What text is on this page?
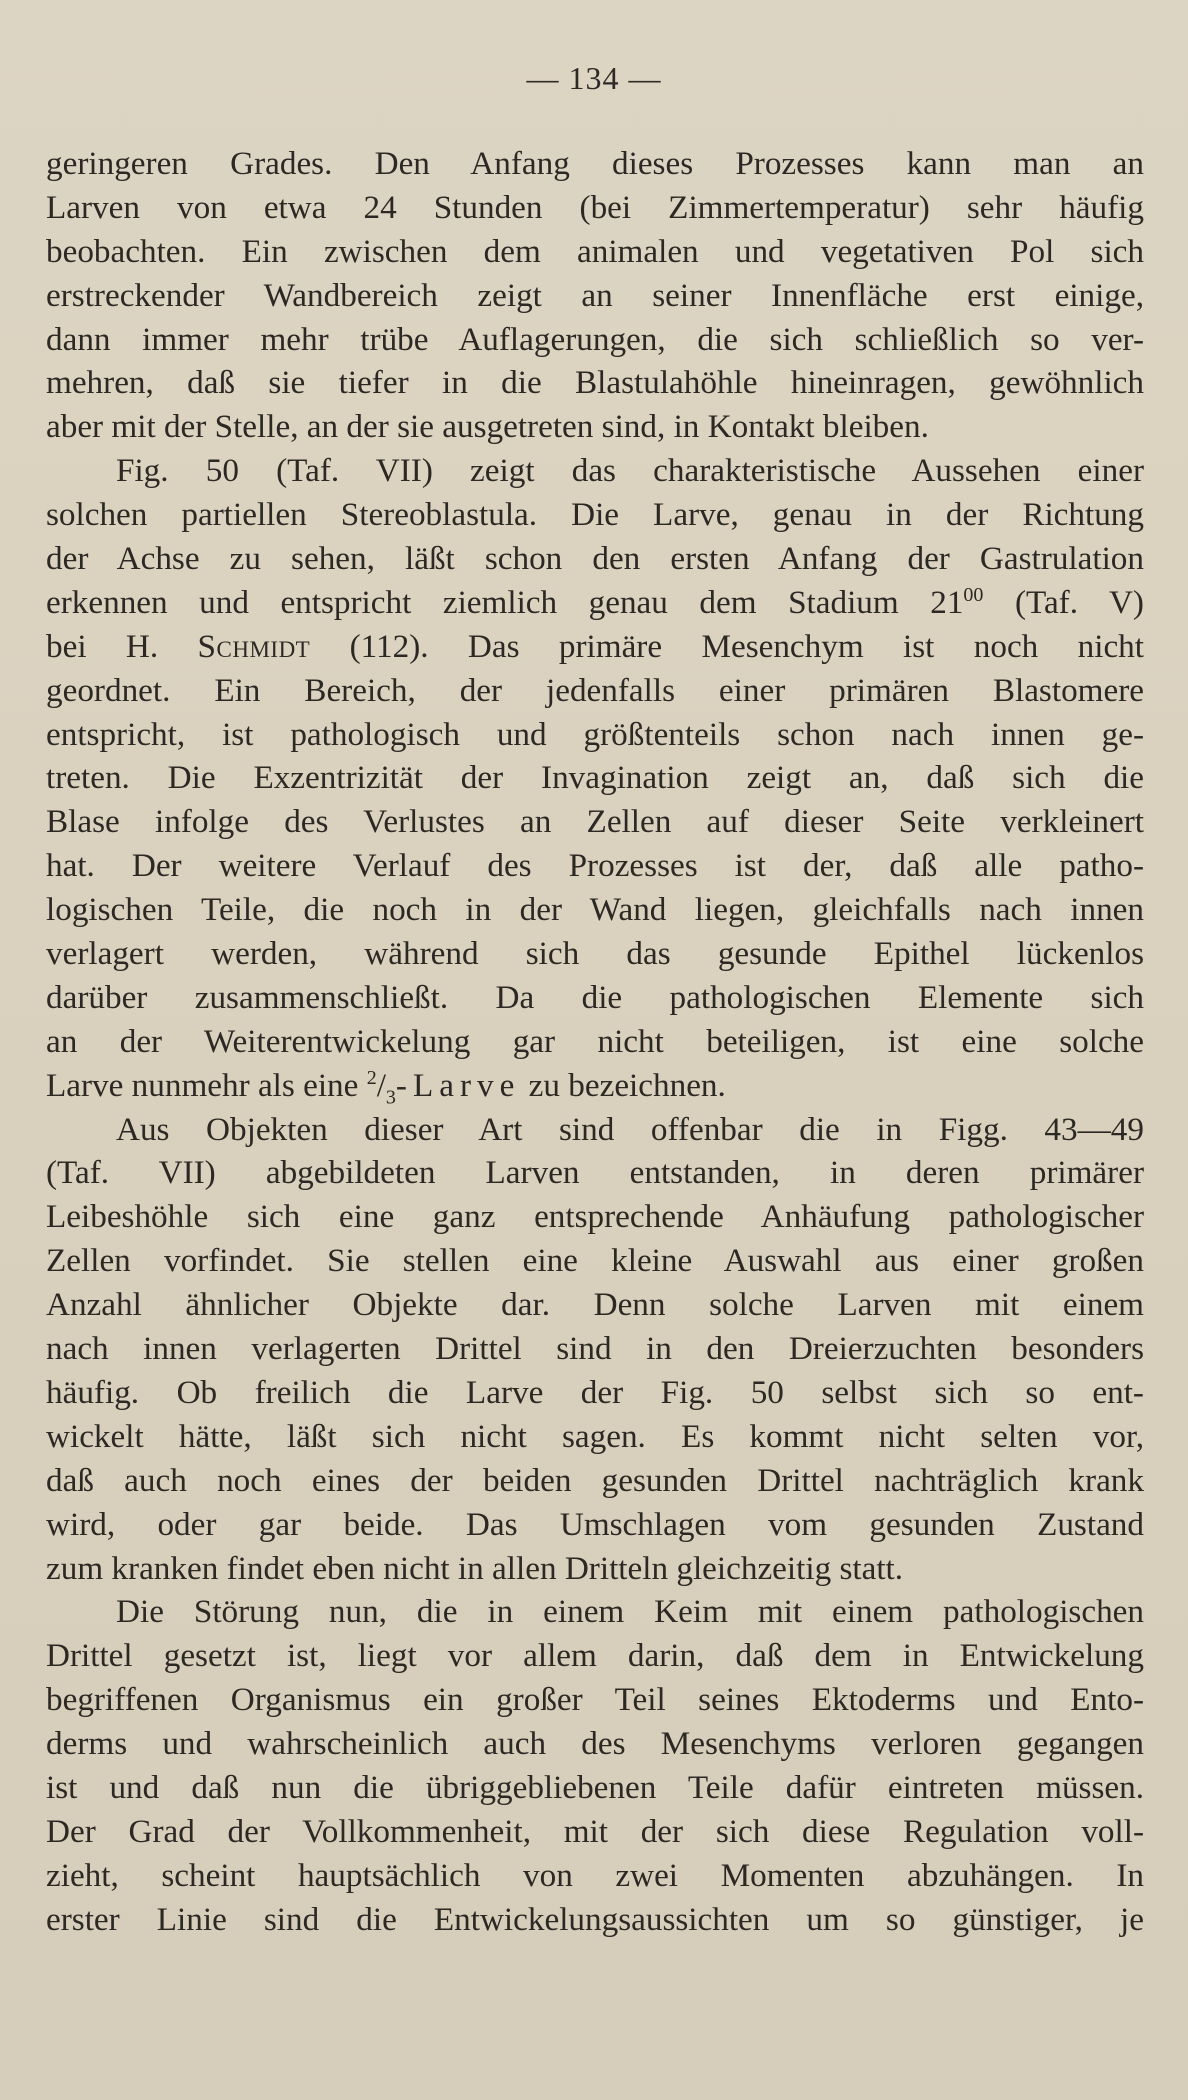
— 134 —
geringeren Grades. Den Anfang dieses Prozesses kann man an
Larven von etwa 24 Stunden (bei Zimmertemperatur) sehr häufig
beobachten. Ein zwischen dem animalen und vegetativen Pol sich
erstreckender Wandbereich zeigt an seiner Innenfläche erst einige,
dann immer mehr trübe Auflagerungen, die sich schließlich so ver-
mehren, daß sie tiefer in die Blastulahöhle hineinragen, gewöhnlich
aber mit der Stelle, an der sie ausgetreten sind, in Kontakt bleiben.
Fig. 50 (Taf. VII) zeigt das charakteristische Aussehen einer
solchen partiellen Stereoblastula. Die Larve, genau in der Richtung
der Achse zu sehen, läßt schon den ersten Anfang der Gastrulation
erkennen und entspricht ziemlich genau dem Stadium $21^{00}$ (Taf. V)
bei H. Schmidt (112). Das primäre Mesenchym ist noch nicht
geordnet. Ein Bereich, der jedenfalls einer primären Blastomere
entspricht, ist pathologisch und größtenteils schon nach innen ge-
treten. Die Exzentrizität der Invagination zeigt an, daß sich die
Blase infolge des Verlustes an Zellen auf dieser Seite verkleinert
hat. Der weitere Verlauf des Prozesses ist der, daß alle patho-
logischen Teile, die noch in der Wand liegen, gleichfalls nach innen
verlagert werden, während sich das gesunde Epithel lückenlos
darüber zusammenschließt. Da die pathologischen Elemente sich
an der Weiterentwickelung gar nicht beteiligen, ist eine solche
Larve nunmehr als eine $^2/_3$-Larve zu bezeichnen.
Aus Objekten dieser Art sind offenbar die in Figg. 43—49
(Taf. VII) abgebildeten Larven entstanden, in deren primärer
Leibeshöhle sich eine ganz entsprechende Anhäufung pathologischer
Zellen vorfindet. Sie stellen eine kleine Auswahl aus einer großen
Anzahl ähnlicher Objekte dar. Denn solche Larven mit einem
nach innen verlagerten Drittel sind in den Dreierzuchten besonders
häufig. Ob freilich die Larve der Fig. 50 selbst sich so ent-
wickelt hätte, läßt sich nicht sagen. Es kommt nicht selten vor,
daß auch noch eines der beiden gesunden Drittel nachträglich krank
wird, oder gar beide. Das Umschlagen vom gesunden Zustand
zum kranken findet eben nicht in allen Dritteln gleichzeitig statt.
Die Störung nun, die in einem Keim mit einem pathologischen
Drittel gesetzt ist, liegt vor allem darin, daß dem in Entwickelung
begriffenen Organismus ein großer Teil seines Ektoderms und Ento-
derms und wahrscheinlich auch des Mesenchyms verloren gegangen
ist und daß nun die übriggebliebenen Teile dafür eintreten müssen.
Der Grad der Vollkommenheit, mit der sich diese Regulation voll-
zieht, scheint hauptsächlich von zwei Momenten abzuhängen. In
erster Linie sind die Entwickelungsaussichten um so günstiger, je
